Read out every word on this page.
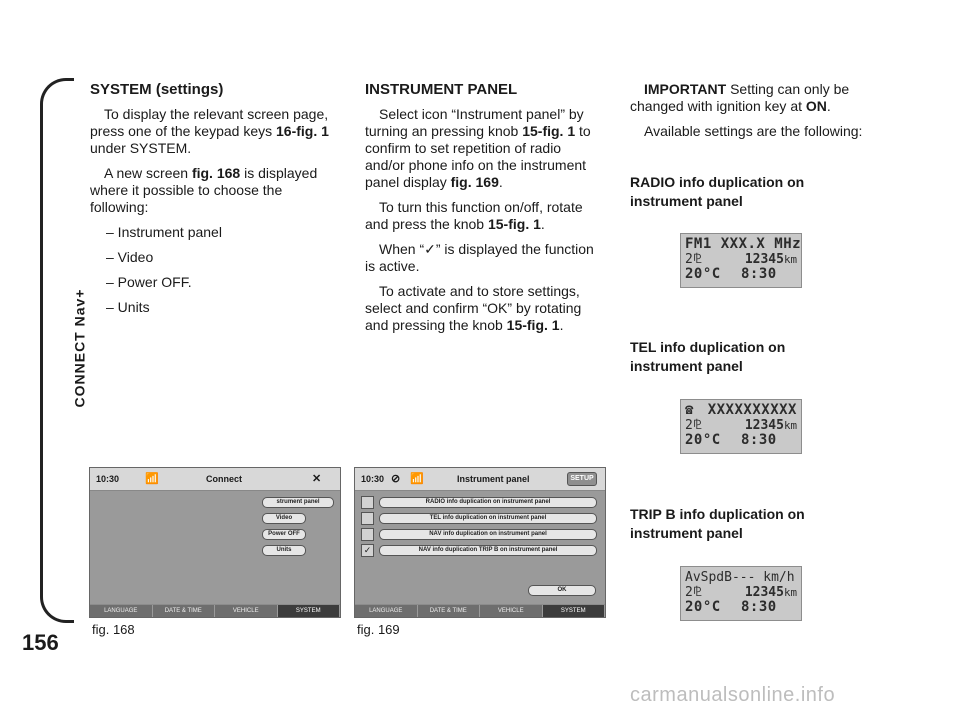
CONNECT Nav+
156
SYSTEM (settings)

To display the relevant screen page, press one of the keypad keys 16-fig. 1 under SYSTEM.

A new screen fig. 168 is displayed where it possible to choose the following:

– Instrument panel

– Video

– Power OFF.

– Units

INSTRUMENT PANEL

Select icon “Instrument panel” by turning an pressing knob 15-fig. 1 to confirm to set repetition of radio and/or phone info on the instrument panel display fig. 169.

To turn this function on/off, rotate and press the knob 15-fig. 1.

When “✓” is displayed the function is active.

To activate and to store settings, select and confirm “OK” by rotating and pressing the knob 15-fig. 1.

IMPORTANT Setting can only be changed with ignition key at ON.

Available settings are the following:

RADIO info duplication on
instrument panel
TEL info duplication on
instrument panel
TRIP B info duplication on
instrument panel
FM1 XXX.X MHz
2⅊	12345km
20°C 8:30
☎ XXXXXXXXXX
2⅊	12345km
20°C 8:30
AvSpdB--- km/h
2⅊	12345km
20°C 8:30
10:30 📶	Connect	✕
strument panel
Video
Power OFF
Units
LANGUAGE	DATE & TIME	VEHICLE	SYSTEM
fig. 168
10:30 ⊘ 📶	Instrument panel	SETUP
RADIO info duplication on instrument panel
TEL info duplication on instrument panel
NAV info duplication on instrument panel
✓	NAV info duplication TRIP B on instrument panel
OK
LANGUAGE	DATE & TIME	VEHICLE	SYSTEM
fig. 169
carmanualsonline.info
